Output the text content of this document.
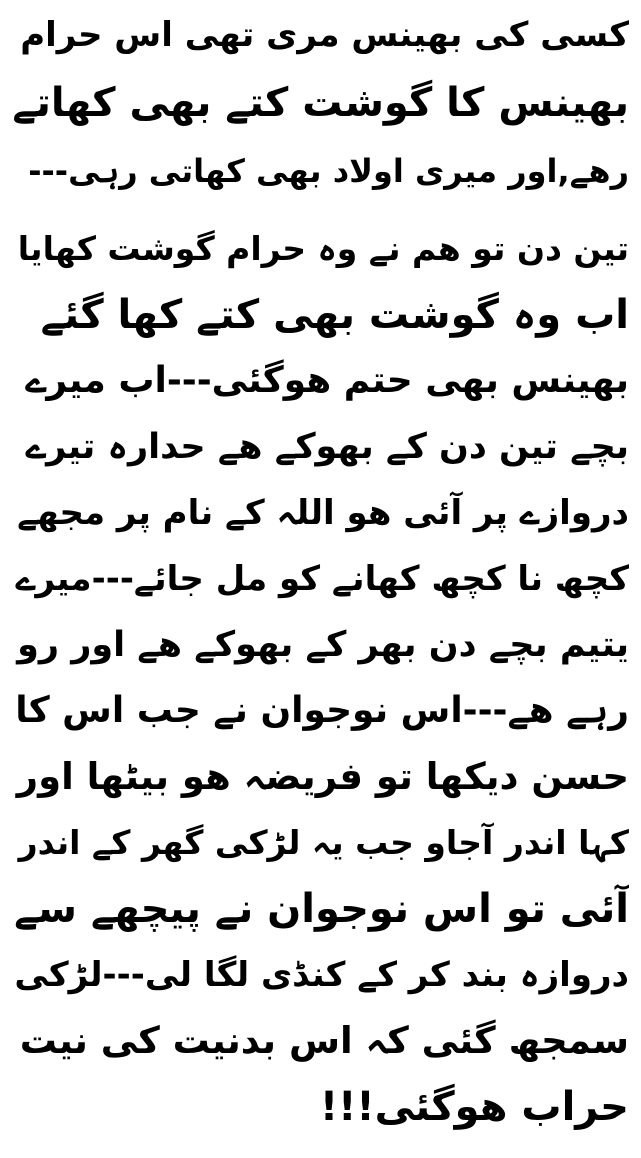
کسی کی بھینس مری تھی اس حرام
بھینس کا گوشت کتے بھی کھاتے
رھے,اور میری اولاد بھی کھاتی رہی---
تین دن تو ھم نے وہ حرام گوشت کھایا
اب وہ گوشت بھی کتے کھا گئے
بھینس بھی حتم ھوگئی---اب میرے
بچے تین دن کے بھوکے ھے حدارہ تیرے
دروازے پر آئی ھو اللہ کے نام پر مجھے
کچھ نا کچھ کھانے کو مل جائے---میرے
یتیم بچے دن بھر کے بھوکے ھے اور رو
رہے ھے---اس نوجوان نے جب اس کا
حسن دیکھا تو فریضہ ھو بیٹھا اور
کہا اندر آجاو جب یہ لڑکی گھر کے اندر
آئی تو اس نوجوان نے پیچھے سے
دروازہ بند کر کے کنڈی لگا لی---لڑکی
سمجھ گئی کہ اس بدنیت کی نیت
حراب ھوگئی!!!
